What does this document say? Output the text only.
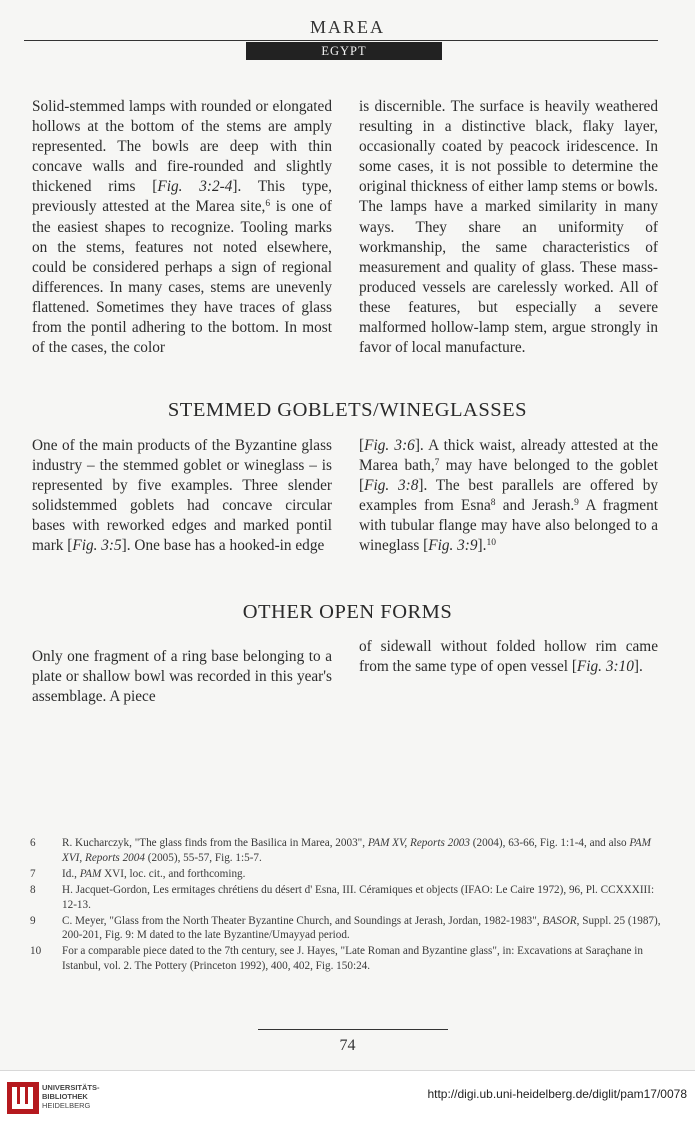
MAREA
EGYPT

Solid-stemmed lamps with rounded or elongated hollows at the bottom of the stems are amply represented. The bowls are deep with thin concave walls and fire-rounded and slightly thickened rims [Fig. 3:2-4]. This type, previously attested at the Marea site,$^6$ is one of the easiest shapes to recognize. Tooling marks on the stems, features not noted elsewhere, could be considered perhaps a sign of regional differences. In many cases, stems are unevenly flattened. Sometimes they have traces of glass from the pontil adhering to the bottom. In most of the cases, the color

is discernible. The surface is heavily weathered resulting in a distinctive black, flaky layer, occasionally coated by peacock iridescence. In some cases, it is not possible to determine the original thickness of either lamp stems or bowls. The lamps have a marked similarity in many ways. They share an uniformity of workmanship, the same characteristics of measurement and quality of glass. These mass-produced vessels are carelessly worked. All of these features, but especially a severe malformed hollow-lamp stem, argue strongly in favor of local manufacture.

STEMMED GOBLETS/WINEGLASSES

One of the main products of the Byzantine glass industry – the stemmed goblet or wineglass – is represented by five examples. Three slender solidstemmed goblets had concave circular bases with reworked edges and marked pontil mark [Fig. 3:5]. One base has a hooked-in edge

[Fig. 3:6]. A thick waist, already attested at the Marea bath,$^7$ may have belonged to the goblet [Fig. 3:8]. The best parallels are offered by examples from Esna$^8$ and Jerash.$^9$ A fragment with tubular flange may have also belonged to a wineglass [Fig. 3:9].$^{10}$

OTHER OPEN FORMS

Only one fragment of a ring base belonging to a plate or shallow bowl was recorded in this year's assemblage. A piece

of sidewall without folded hollow rim came from the same type of open vessel [Fig. 3:10].

6 R. Kucharczyk, "The glass finds from the Basilica in Marea, 2003", PAM XV, Reports 2003 (2004), 63-66, Fig. 1:1-4, and also PAM XVI, Reports 2004 (2005), 55-57, Fig. 1:5-7.
7 Id., PAM XVI, loc. cit., and forthcoming.
8 H. Jacquet-Gordon, Les ermitages chrétiens du désert d' Esna, III. Céramiques et objects (IFAO: Le Caire 1972), 96, Pl. CCXXXIII: 12-13.
9 C. Meyer, "Glass from the North Theater Byzantine Church, and Soundings at Jerash, Jordan, 1982-1983", BASOR, Suppl. 25 (1987), 200-201, Fig. 9: M dated to the late Byzantine/Umayyad period.
10 For a comparable piece dated to the 7th century, see J. Hayes, "Late Roman and Byzantine glass", in: Excavations at Saraçhane in Istanbul, vol. 2. The Pottery (Princeton 1992), 400, 402, Fig. 150:24.
74
UNIVERSITÄTS-
BIBLIOTHEK
HEIDELBERG
http://digi.ub.uni-heidelberg.de/diglit/pam17/0078
